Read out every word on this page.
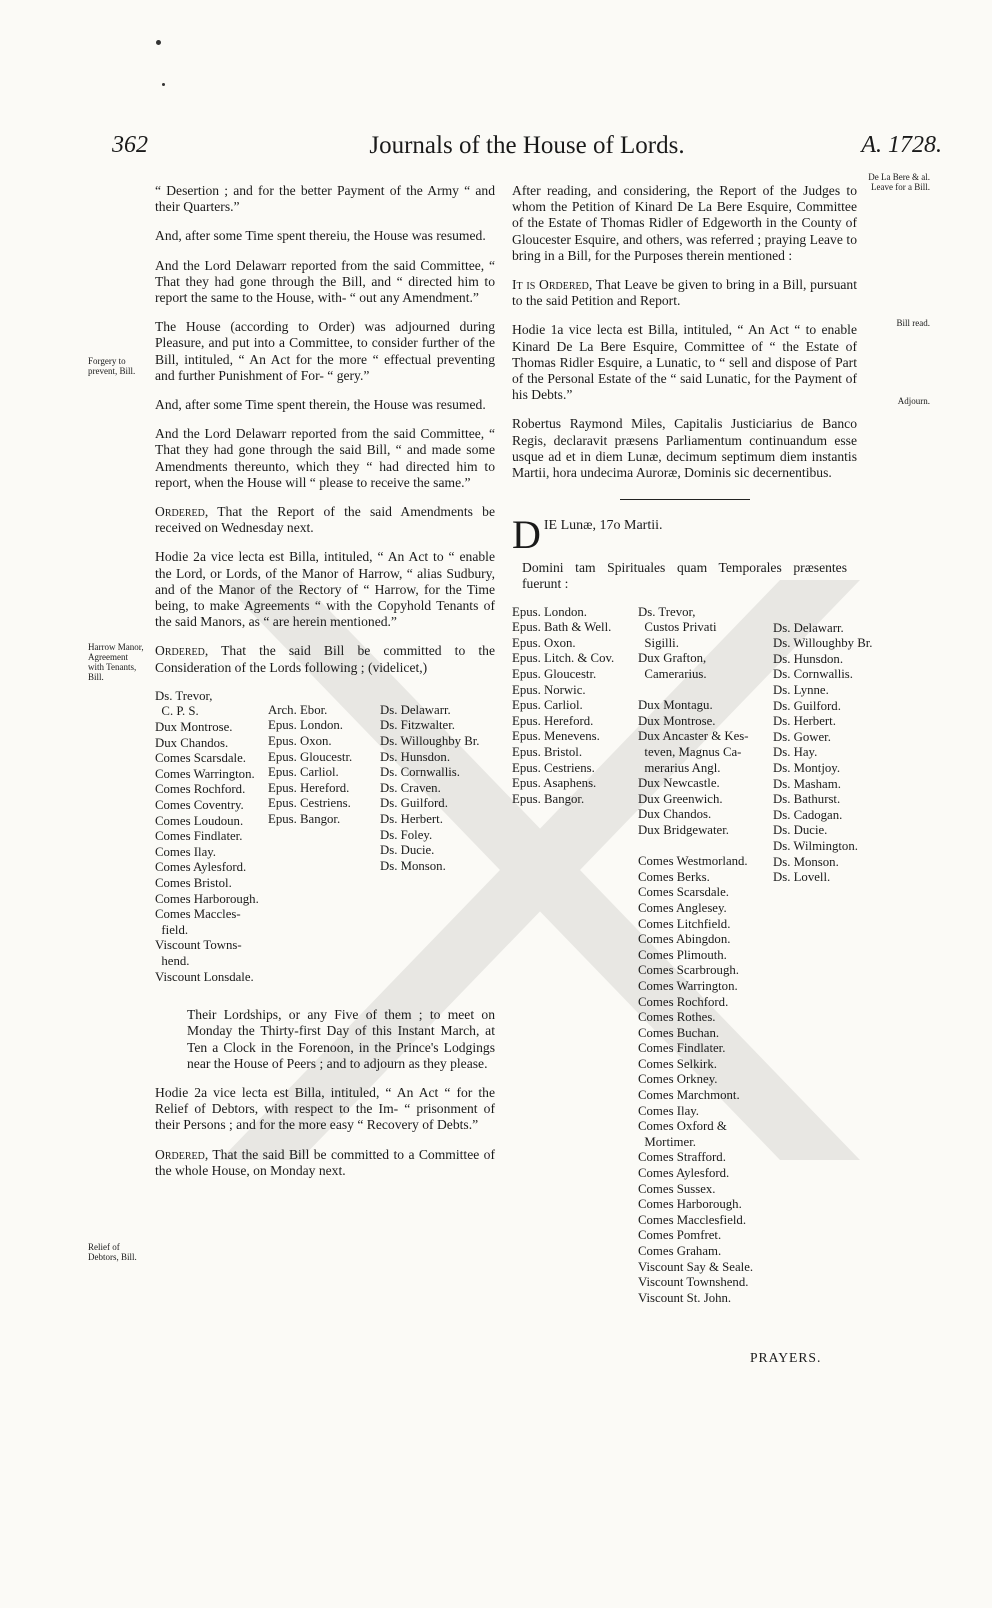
362	Journals of the House of Lords.	A. 1728.

“ Desertion ; and for the better Payment of the Army “ and their Quarters.”

And, after some Time spent thereiu, the House was resumed.

And the Lord Delawarr reported from the said Committee, “ That they had gone through the Bill, and “ directed him to report the same to the House, with- “ out any Amendment.”

The House (according to Order) was adjourned during Pleasure, and put into a Committee, to consider further of the Bill, intituled, “ An Act for the more “ effectual preventing and further Punishment of For- “ gery.”

And, after some Time spent therein, the House was resumed.

And the Lord Delawarr reported from the said Committee, “ That they had gone through the said Bill, “ and made some Amendments thereunto, which they “ had directed him to report, when the House will “ please to receive the same.”

Ordered, That the Report of the said Amendments be received on Wednesday next.

Hodie 2a vice lecta est Billa, intituled, “ An Act to “ enable the Lord, or Lords, of the Manor of Harrow, “ alias Sudbury, and of the Manor of the Rectory of “ Harrow, for the Time being, to make Agreements “ with the Copyhold Tenants of the said Manors, as “ are herein mentioned.”

Ordered, That the said Bill be committed to the Consideration of the Lords following ; (videlicet,)

Ds. Trevor,
C. P. S.
Dux Montrose.
Dux Chandos.
Comes Scarsdale.
Comes Warrington.
Comes Rochford.
Comes Coventry.
Comes Loudoun.
Comes Findlater.
Comes Ilay.
Comes Aylesford.
Comes Bristol.
Comes Harborough.
Comes Maccles-
field.
Viscount Towns-
hend.
Viscount Lonsdale.
Arch. Ebor.
Epus. London.
Epus. Oxon.
Epus. Gloucestr.
Epus. Carliol.
Epus. Hereford.
Epus. Cestriens.
Epus. Bangor.
Ds. Delawarr.
Ds. Fitzwalter.
Ds. Willoughby Br.
Ds. Hunsdon.
Ds. Cornwallis.
Ds. Craven.
Ds. Guilford.
Ds. Herbert.
Ds. Foley.
Ds. Ducie.
Ds. Monson.

Their Lordships, or any Five of them ; to meet on Monday the Thirty-first Day of this Instant March, at Ten a Clock in the Forenoon, in the Prince's Lodgings near the House of Peers ; and to adjourn as they please.

Hodie 2a vice lecta est Billa, intituled, “ An Act “ for the Relief of Debtors, with respect to the Im- “ prisonment of their Persons ; and for the more easy “ Recovery of Debts.”

Ordered, That the said Bill be committed to a Committee of the whole House, on Monday next.

Forgery to prevent, Bill.
Harrow Manor, Agreement with Tenants, Bill.
Relief of Debtors, Bill.

After reading, and considering, the Report of the Judges to whom the Petition of Kinard De La Bere Esquire, Committee of the Estate of Thomas Ridler of Edgeworth in the County of Gloucester Esquire, and others, was referred ; praying Leave to bring in a Bill, for the Purposes therein mentioned :

It is Ordered, That Leave be given to bring in a Bill, pursuant to the said Petition and Report.

Hodie 1a vice lecta est Billa, intituled, “ An Act “ to enable Kinard De La Bere Esquire, Committee of “ the Estate of Thomas Ridler Esquire, a Lunatic, to “ sell and dispose of Part of the Personal Estate of the “ said Lunatic, for the Payment of his Debts.”

Robertus Raymond Miles, Capitalis Justiciarius de Banco Regis, declaravit præsens Parliamentum continuandum esse usque ad et in diem Lunæ, decimum septimum diem instantis Martii, hora undecima Auroræ, Dominis sic decernentibus.

DIE Lunæ, 17o Martii.

Domini tam Spirituales quam Temporales præsentes fuerunt :

Epus. London.
Epus. Bath & Well.
Epus. Oxon.
Epus. Litch. & Cov.
Epus. Gloucestr.
Epus. Norwic.
Epus. Carliol.
Epus. Hereford.
Epus. Menevens.
Epus. Bristol.
Epus. Cestriens.
Epus. Asaphens.
Epus. Bangor.
Ds. Trevor,
Custos Privati
Sigilli.
Dux Grafton,
Camerarius.

Dux Montagu.
Dux Montrose.
Dux Ancaster & Kes-
teven, Magnus Ca-
merarius Angl.
Dux Newcastle.
Dux Greenwich.
Dux Chandos.
Dux Bridgewater.

Comes Westmorland.
Comes Berks.
Comes Scarsdale.
Comes Anglesey.
Comes Litchfield.
Comes Abingdon.
Comes Plimouth.
Comes Scarbrough.
Comes Warrington.
Comes Rochford.
Comes Rothes.
Comes Buchan.
Comes Findlater.
Comes Selkirk.
Comes Orkney.
Comes Marchmont.
Comes Ilay.
Comes Oxford &
Mortimer.
Comes Strafford.
Comes Aylesford.
Comes Sussex.
Comes Harborough.
Comes Macclesfield.
Comes Pomfret.
Comes Graham.
Viscount Say & Seale.
Viscount Townshend.
Viscount St. John.
Ds. Delawarr.
Ds. Willoughby Br.
Ds. Hunsdon.
Ds. Cornwallis.
Ds. Lynne.
Ds. Guilford.
Ds. Herbert.
Ds. Gower.
Ds. Hay.
Ds. Montjoy.
Ds. Masham.
Ds. Bathurst.
Ds. Cadogan.
Ds. Ducie.
Ds. Wilmington.
Ds. Monson.
Ds. Lovell.
De La Bere & al. Leave for a Bill.
Bill read.
Adjourn.
PRAYERS.
